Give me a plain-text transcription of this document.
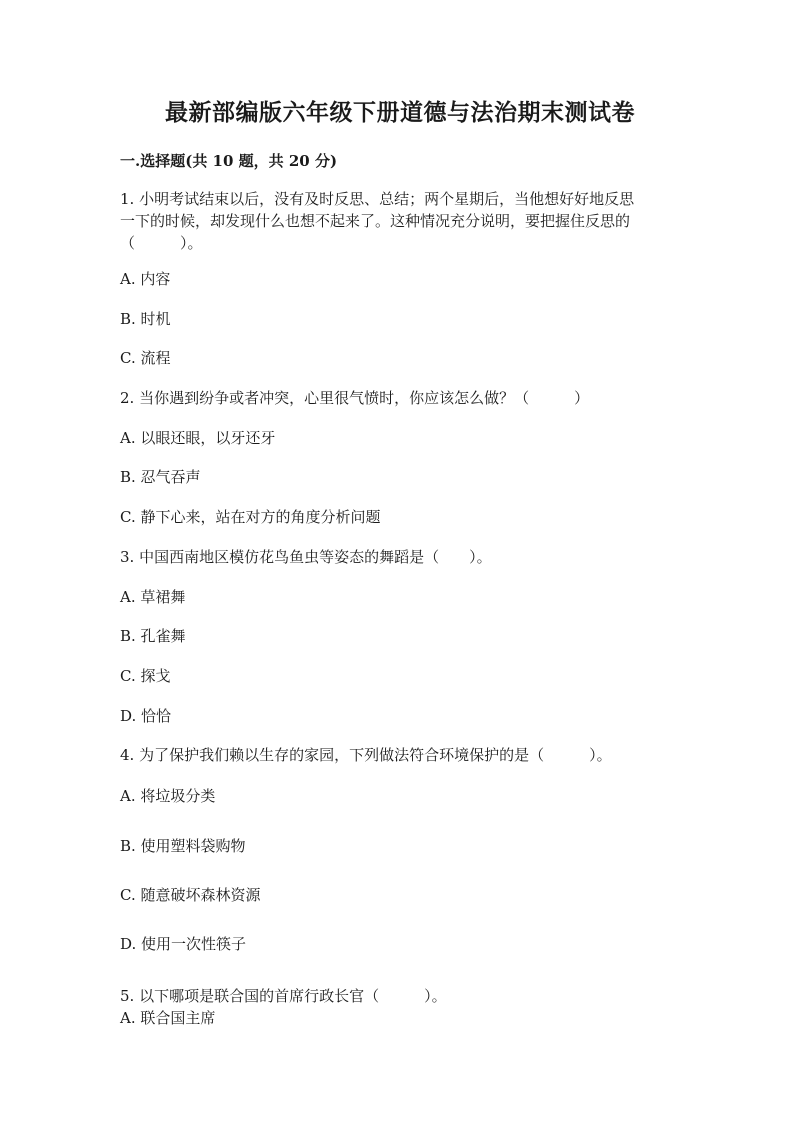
最新部编版六年级下册道德与法治期末测试卷
一.选择题(共 10 题，共 20 分)
1. 小明考试结束以后，没有及时反思、总结；两个星期后，当他想好好地反思
一下的时候，却发现什么也想不起来了。这种情况充分说明，要把握住反思的
（　　　）。
A. 内容
B. 时机
C. 流程
2. 当你遇到纷争或者冲突，心里很气愤时，你应该怎么做？（　　　）
A. 以眼还眼，以牙还牙
B. 忍气吞声
C. 静下心来，站在对方的角度分析问题
3. 中国西南地区模仿花鸟鱼虫等姿态的舞蹈是（　　）。
A. 草裙舞
B. 孔雀舞
C. 探戈
D. 恰恰
4. 为了保护我们赖以生存的家园，下列做法符合环境保护的是（　　　）。
A. 将垃圾分类
B. 使用塑料袋购物
C. 随意破坏森林资源
D. 使用一次性筷子
5. 以下哪项是联合国的首席行政长官（　　　）。
A. 联合国主席
